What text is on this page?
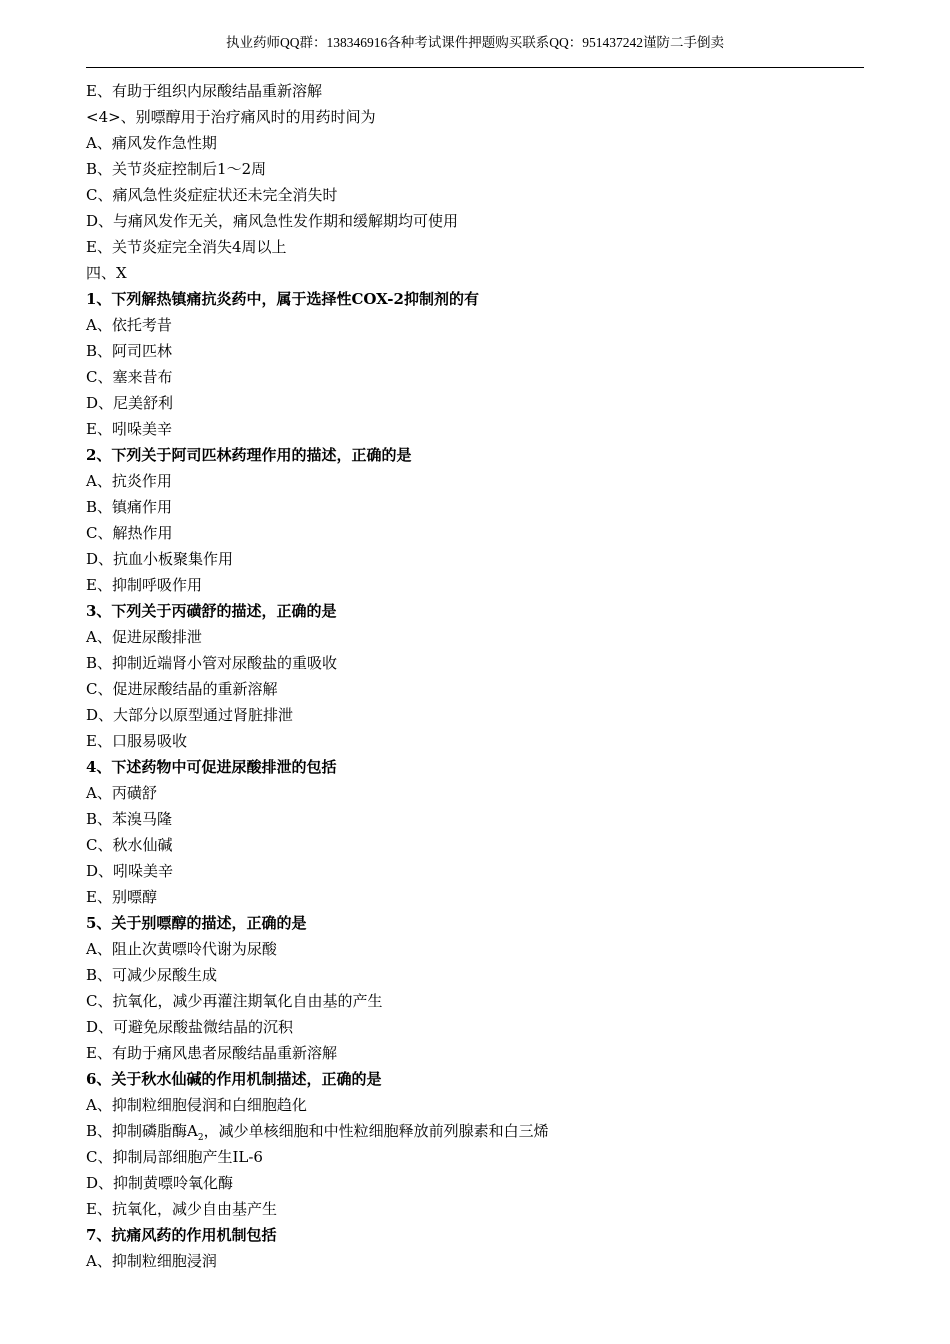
执业药师QQ群：138346916各种考试课件押题购买联系QQ：951437242谨防二手倒卖
E、有助于组织内尿酸结晶重新溶解
<4>、别嘌醇用于治疗痛风时的用药时间为
A、痛风发作急性期
B、关节炎症控制后1～2周
C、痛风急性炎症症状还未完全消失时
D、与痛风发作无关，痛风急性发作期和缓解期均可使用
E、关节炎症完全消失4周以上
四、X
1、下列解热镇痛抗炎药中，属于选择性COX-2抑制剂的有
A、依托考昔
B、阿司匹林
C、塞来昔布
D、尼美舒利
E、吲哚美辛
2、下列关于阿司匹林药理作用的描述，正确的是
A、抗炎作用
B、镇痛作用
C、解热作用
D、抗血小板聚集作用
E、抑制呼吸作用
3、下列关于丙磺舒的描述，正确的是
A、促进尿酸排泄
B、抑制近端肾小管对尿酸盐的重吸收
C、促进尿酸结晶的重新溶解
D、大部分以原型通过肾脏排泄
E、口服易吸收
4、下述药物中可促进尿酸排泄的包括
A、丙磺舒
B、苯溴马隆
C、秋水仙碱
D、吲哚美辛
E、别嘌醇
5、关于别嘌醇的描述，正确的是
A、阻止次黄嘌呤代谢为尿酸
B、可减少尿酸生成
C、抗氧化，减少再灌注期氧化自由基的产生
D、可避免尿酸盐微结晶的沉积
E、有助于痛风患者尿酸结晶重新溶解
6、关于秋水仙碱的作用机制描述，正确的是
A、抑制粒细胞侵润和白细胞趋化
B、抑制磷脂酶$A_2$，减少单核细胞和中性粒细胞释放前列腺素和白三烯
C、抑制局部细胞产生IL-6
D、抑制黄嘌呤氧化酶
E、抗氧化，减少自由基产生
7、抗痛风药的作用机制包括
A、抑制粒细胞浸润
